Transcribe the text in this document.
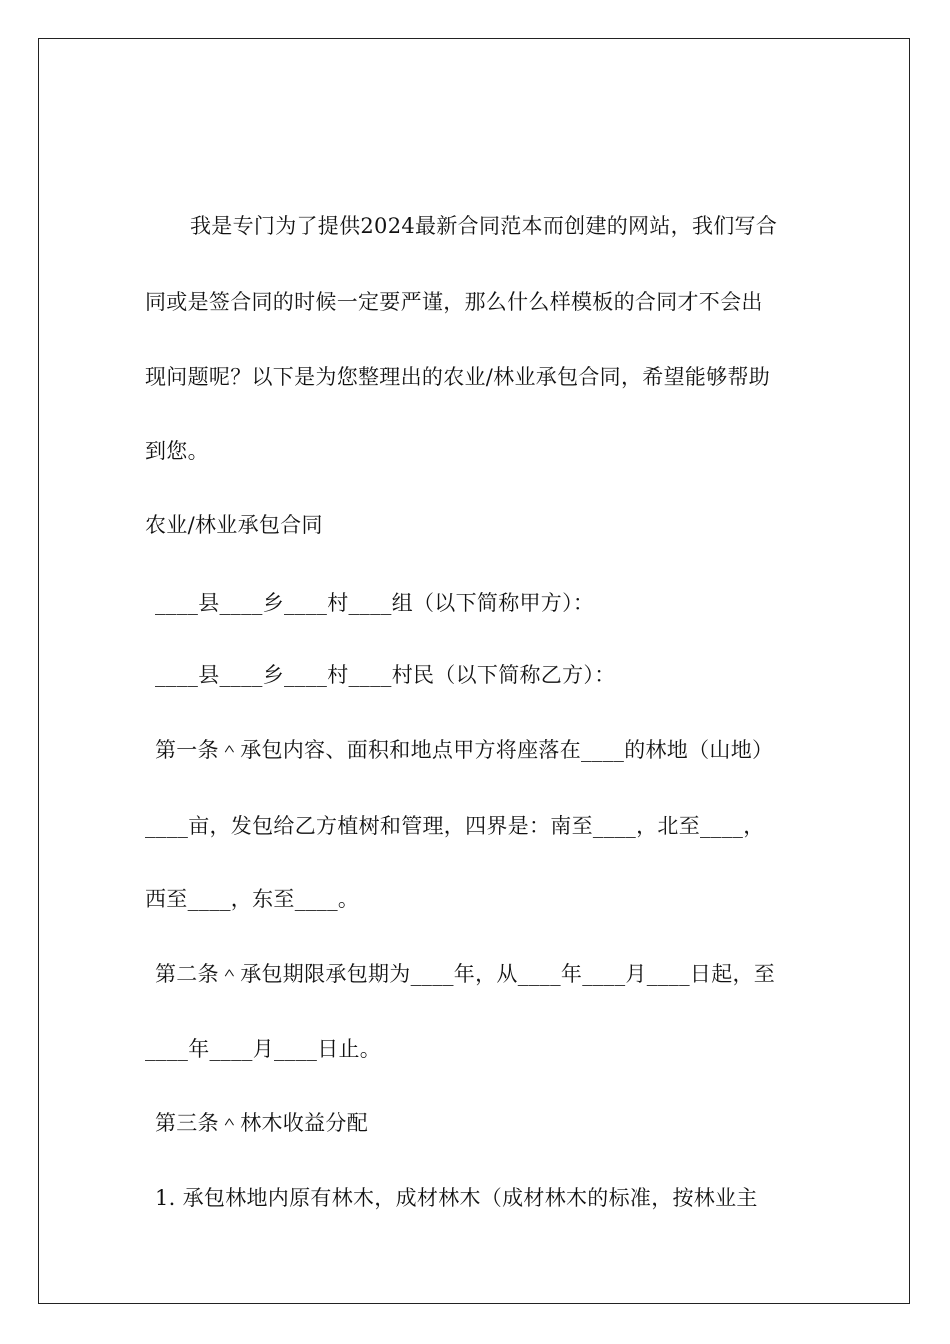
我是专门为了提供2024最新合同范本而创建的网站，我们写合
同或是签合同的时候一定要严谨，那么什么样模板的合同才不会出
现问题呢？以下是为您整理出的农业/林业承包合同，希望能够帮助
到您。
农业/林业承包合同
____县____乡____村____组（以下简称甲方）：
____县____乡____村____村民（以下简称乙方）：
第一条＾承包内容、面积和地点甲方将座落在____的林地（山地）
____亩，发包给乙方植树和管理，四界是：南至____，北至____，
西至____，东至____。
第二条＾承包期限承包期为____年，从____年____月____日起，至
____年____月____日止。
第三条＾林木收益分配
1. 承包林地内原有林木，成材林木（成材林木的标准，按林业主
